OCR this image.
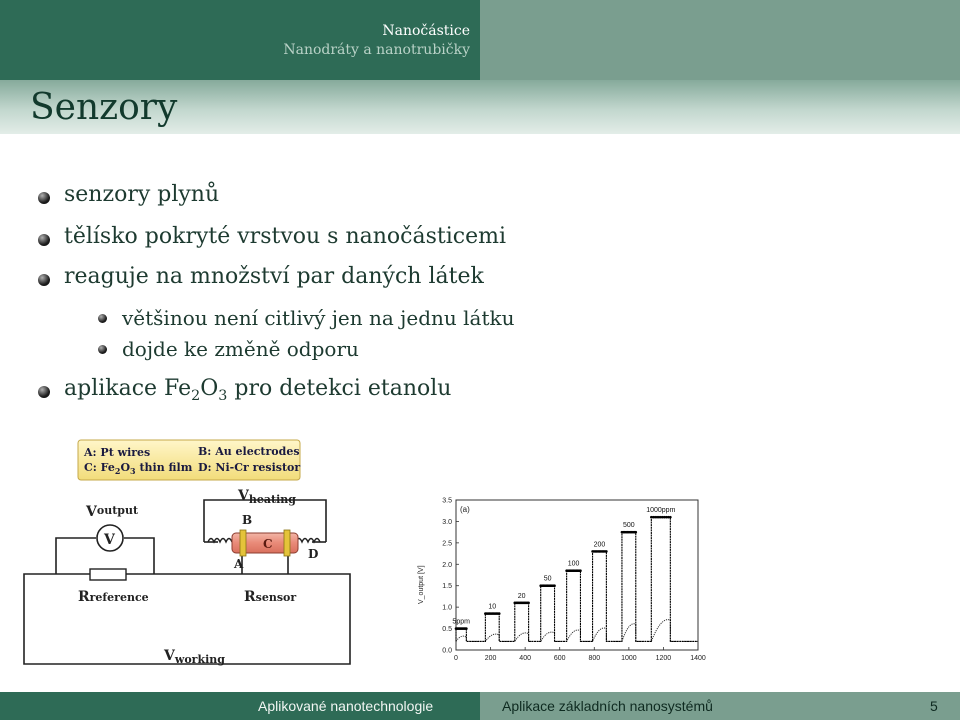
Nanočástice
Nanodráty a nanotrubičky
Senzory
senzory plynů
tělísko pokryté vrstvou s nanočásticemi
reaguje na množství par daných látek
většinou není citlivý jen na jednu látku
dojde ke změně odporu
aplikace $Fe_2O_3$ pro detekci etanolu
A: Pt wires	B: Au electrodes
C: $Fe_2O_3$ thin film D: Ni-Cr resistor
V
Voutput
$V_{heating}$
B
C
A
D
Rreference	Rsensor
$V_{working}$
(a)
V_output [V]
0	200	400	600	800	1000	1200	1400
0.0
0.5
1.0
1.5
2.0
2.5
3.0
3.5
5ppm
10
20
50
100
200
500
1000ppm
Aplikované nanotechnologie	Aplikace základních nanosystémů	5
